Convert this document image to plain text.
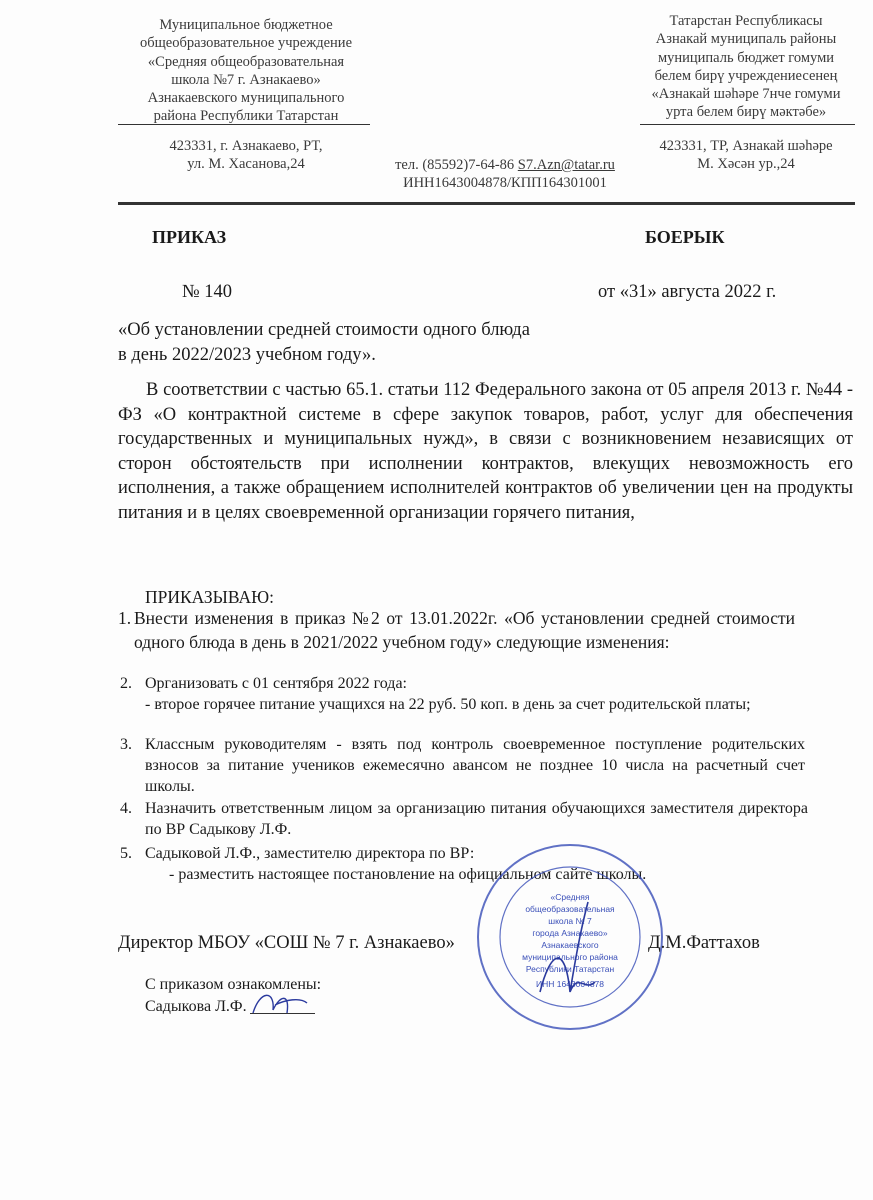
Муниципальное бюджетное
общеобразовательное учреждение
«Средняя общеобразовательная
школа №7 г. Азнакаево»
Азнакаевского муниципального
района Республики Татарстан
Татарстан Республикасы
Азнакай муниципаль районы
муниципаль бюджет гомуми
белем бирү учреждениесенең
«Азнакай шәһәре 7нче гомуми
урта белем бирү мәктәбе»
423331, г. Азнакаево, РТ,
ул. М. Хасанова,24	тел. (85592)7-64-86 S7.Azn@tatar.ru
ИНН1643004878/КПП164301001
423331, ТР, Азнакай шәһәре
М. Хәсән ур.,24
ПРИКАЗ	БОЕРЫК
№ 140	от «31» августа 2022 г.
«Об установлении средней стоимости одного блюда
в день 2022/2023 учебном году».
В соответствии с частью 65.1. статьи 112 Федерального закона от 05 апреля 2013 г. №44 - ФЗ «О контрактной системе в сфере закупок товаров, работ, услуг для обеспечения государственных и муниципальных нужд», в связи с возникновением независящих от сторон обстоятельств при исполнении контрактов, влекущих невозможность его исполнения, а также обращением исполнителей контрактов об увеличении цен на продукты питания и в целях своевременной организации горячего питания,
ПРИКАЗЫВАЮ:
1. Внести изменения в приказ №2 от 13.01.2022г. «Об установлении средней стоимости одного блюда в день в 2021/2022 учебном году» следующие изменения:
2. Организовать с 01 сентября 2022 года:
- второе горячее питание учащихся на 22 руб. 50 коп. в день за счет родительской платы;
3. Классным руководителям - взять под контроль своевременное поступление родительских взносов за питание учеников ежемесячно авансом не позднее 10 числа на расчетный счет школы.
4. Назначить ответственным лицом за организацию питания обучающихся заместителя директора по ВР Садыкову Л.Ф.
5. Садыковой Л.Ф., заместителю директора по ВР:
- разместить настоящее постановление на официальном сайте школы.
«Средняя
общеобразовательная
школа № 7
города Азнакаево»
Азнакаевского
муниципального района
Республики Татарстан
ИНН 1643004878
Директор МБОУ «СОШ № 7 г. Азнакаево»	Д.М.Фаттахов
С приказом ознакомлены:
Садыкова Л.Ф.
